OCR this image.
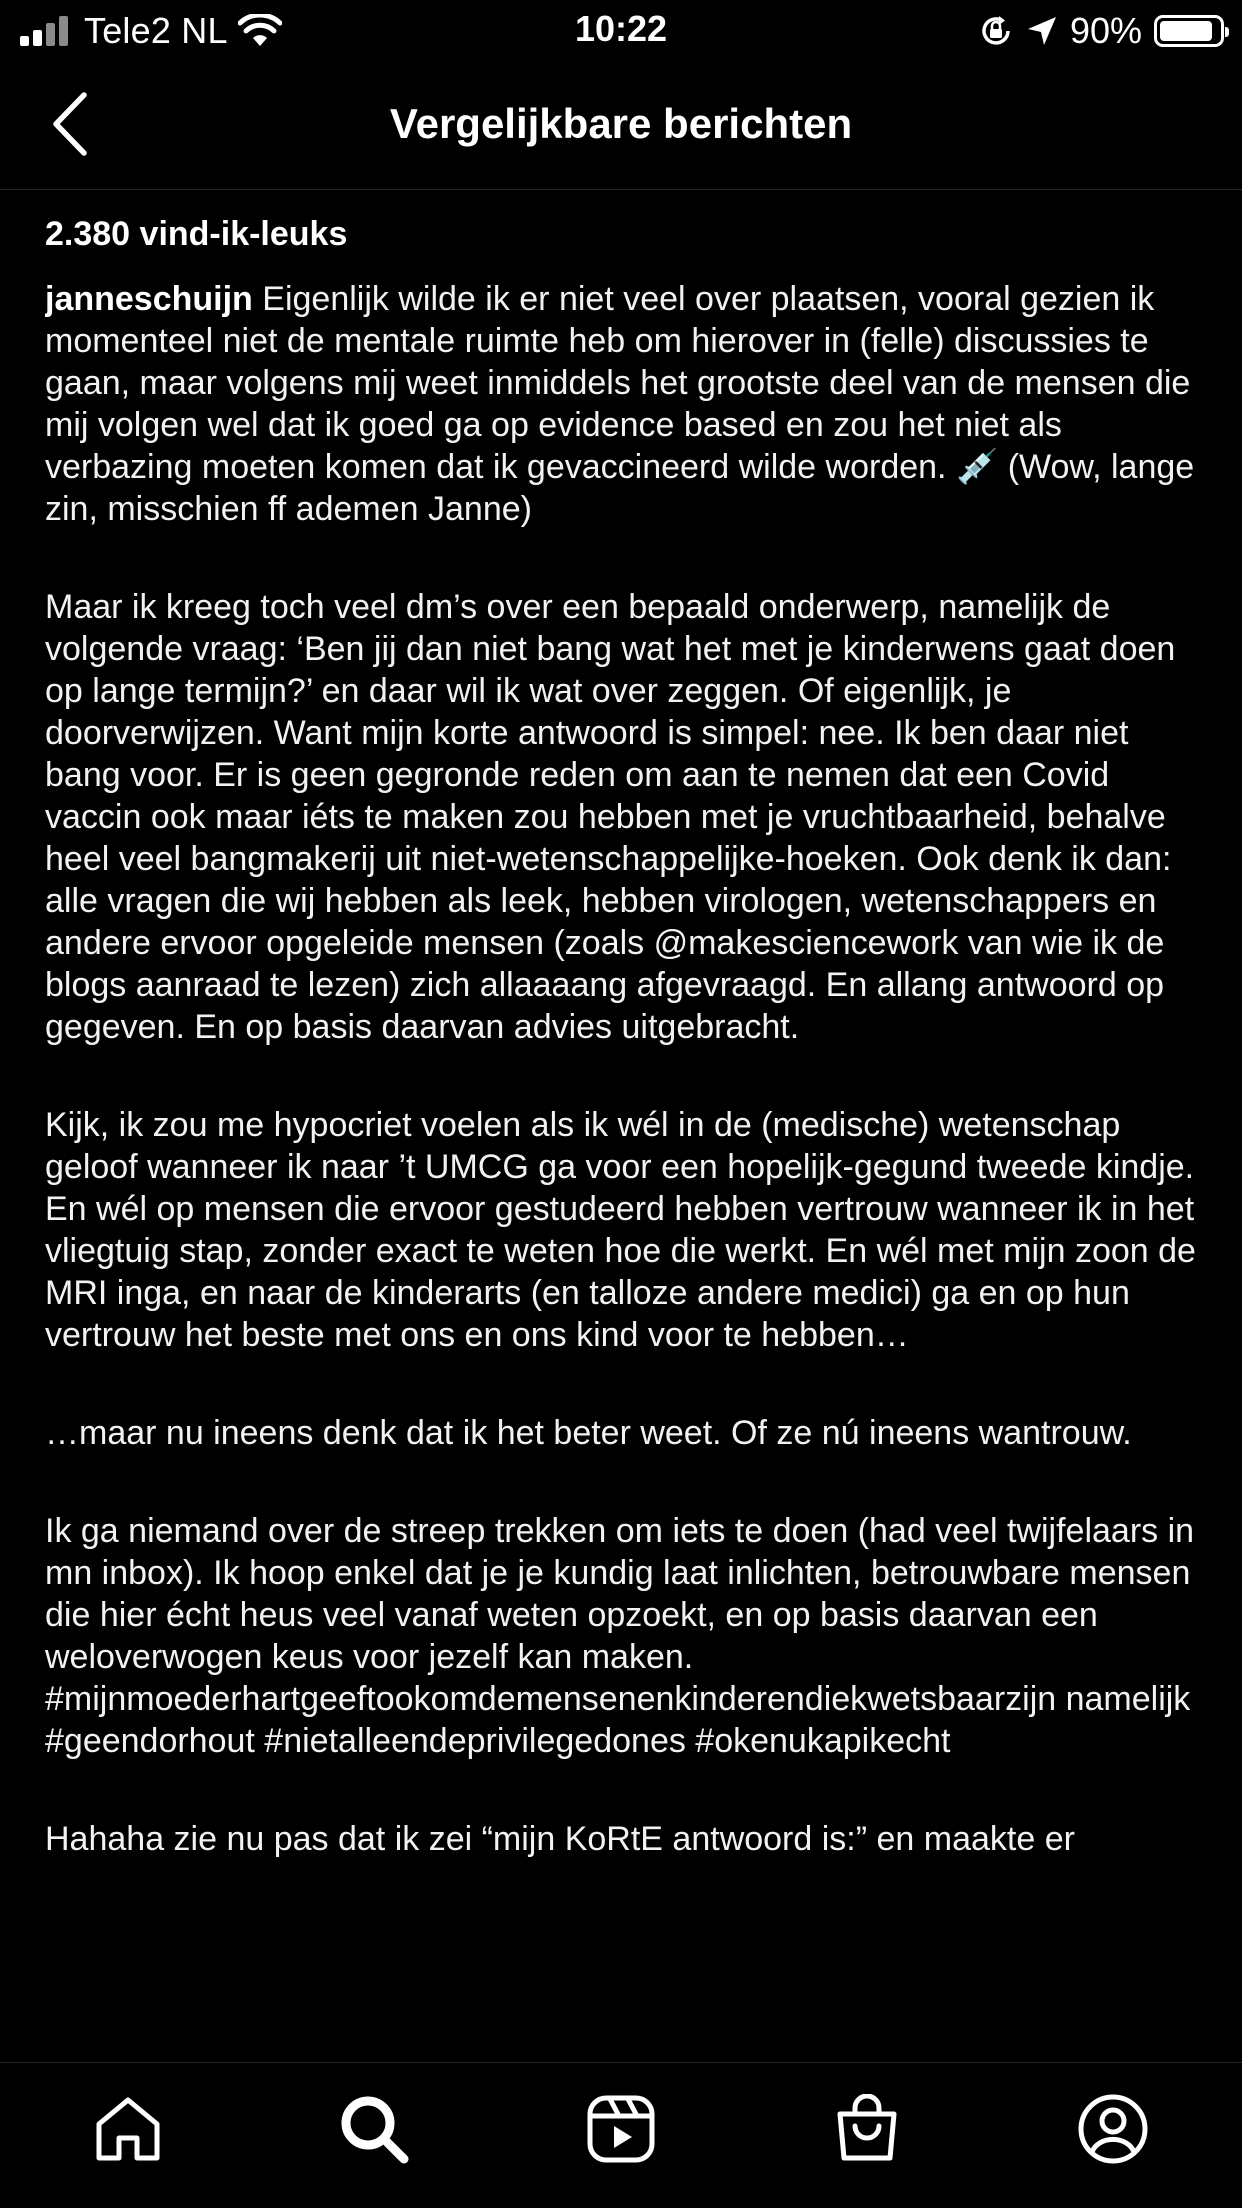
Tele2 NL	10:22	90%
Vergelijkbare berichten
2.380 vind-ik-leuks

janneschuijn Eigenlijk wilde ik er niet veel over plaatsen, vooral gezien ik momenteel niet de mentale ruimte heb om hierover in (felle) discussies te gaan, maar volgens mij weet inmiddels het grootste deel van de mensen die mij volgen wel dat ik goed ga op evidence based en zou het niet als verbazing moeten komen dat ik gevaccineerd wilde worden. 💉 (Wow, lange zin, misschien ff ademen Janne)

Maar ik kreeg toch veel dm’s over een bepaald onderwerp, namelijk de volgende vraag: ‘Ben jij dan niet bang wat het met je kinderwens gaat doen op lange termijn?’ en daar wil ik wat over zeggen. Of eigenlijk, je doorverwijzen. Want mijn korte antwoord is simpel: nee. Ik ben daar niet bang voor. Er is geen gegronde reden om aan te nemen dat een Covid vaccin ook maar iéts te maken zou hebben met je vruchtbaarheid, behalve heel veel bangmakerij uit niet-wetenschappelijke-hoeken. Ook denk ik dan: alle vragen die wij hebben als leek, hebben virologen, wetenschappers en andere ervoor opgeleide mensen (zoals @makesciencework van wie ik de blogs aanraad te lezen) zich allaaaang afgevraagd. En allang antwoord op gegeven. En op basis daarvan advies uitgebracht.

Kijk, ik zou me hypocriet voelen als ik wél in de (medische) wetenschap geloof wanneer ik naar ’t UMCG ga voor een hopelijk-gegund tweede kindje. En wél op mensen die ervoor gestudeerd hebben vertrouw wanneer ik in het vliegtuig stap, zonder exact te weten hoe die werkt. En wél met mijn zoon de MRI inga, en naar de kinderarts (en talloze andere medici) ga en op hun vertrouw het beste met ons en ons kind voor te hebben…

…maar nu ineens denk dat ik het beter weet. Of ze nú ineens wantrouw.

Ik ga niemand over de streep trekken om iets te doen (had veel twijfelaars in mn inbox). Ik hoop enkel dat je je kundig laat inlichten, betrouwbare mensen die hier écht heus veel vanaf weten opzoekt, en op basis daarvan een weloverwogen keus voor jezelf kan maken. #mijnmoederhartgeeftookomdemensenenkinderendiekwetsbaarzijn namelijk #geendorhout #nietalleendeprivilegedones #okenukapikecht

Hahaha zie nu pas dat ik zei “mijn KoRtE antwoord is:” en maakte er
